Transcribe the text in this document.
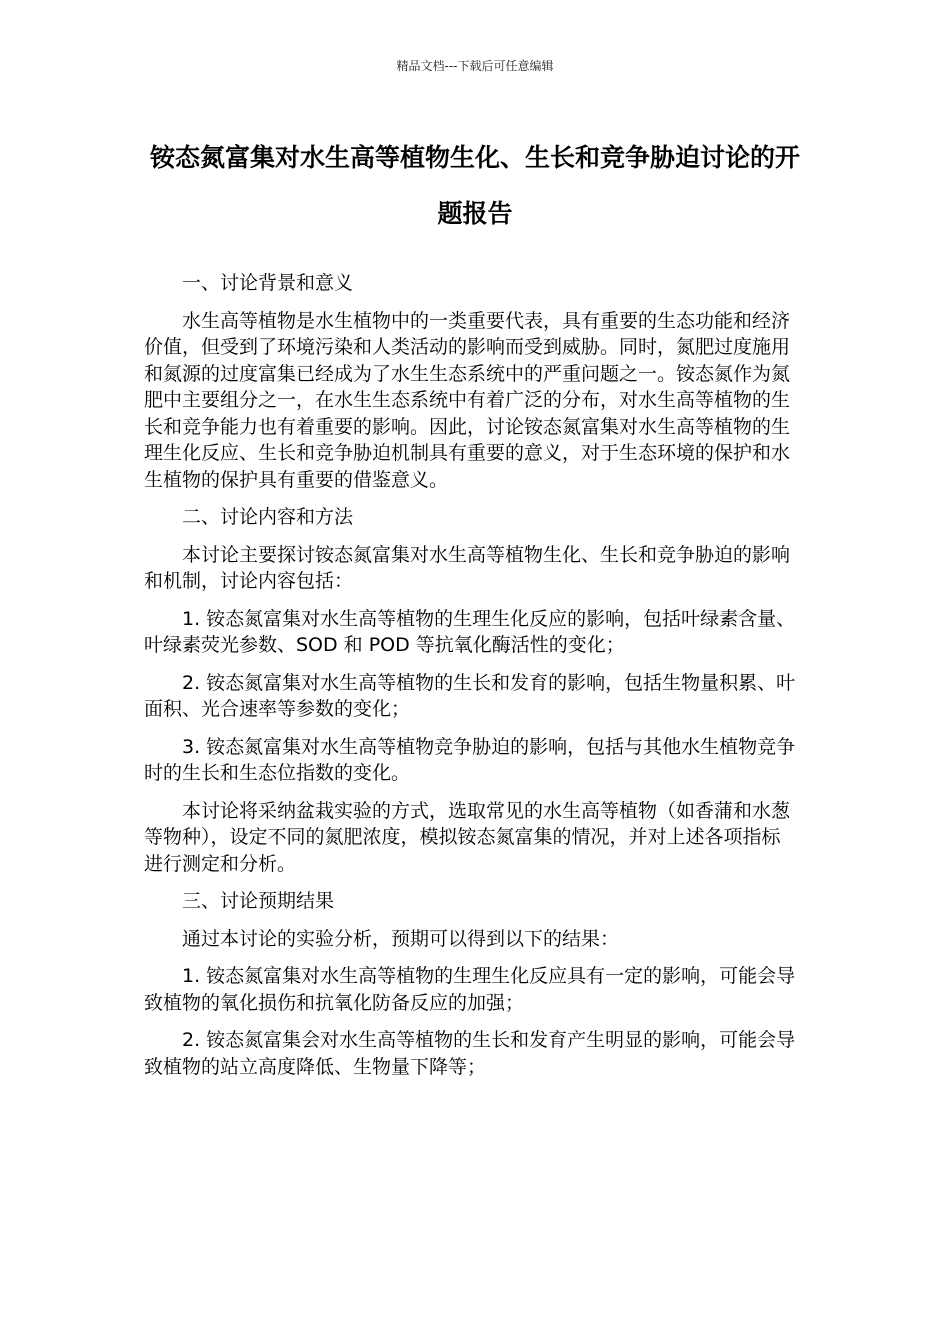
精品文档---下载后可任意编辑
铵态氮富集对水生高等植物生化、生长和竞争胁迫讨论的开题报告

一、讨论背景和意义

水生高等植物是水生植物中的一类重要代表，具有重要的生态功能和经济价值，但受到了环境污染和人类活动的影响而受到威胁。同时，氮肥过度施用和氮源的过度富集已经成为了水生生态系统中的严重问题之一。铵态氮作为氮肥中主要组分之一，在水生生态系统中有着广泛的分布，对水生高等植物的生长和竞争能力也有着重要的影响。因此，讨论铵态氮富集对水生高等植物的生理生化反应、生长和竞争胁迫机制具有重要的意义，对于生态环境的保护和水生植物的保护具有重要的借鉴意义。

二、讨论内容和方法

本讨论主要探讨铵态氮富集对水生高等植物生化、生长和竞争胁迫的影响和机制，讨论内容包括：

1. 铵态氮富集对水生高等植物的生理生化反应的影响，包括叶绿素含量、叶绿素荧光参数、SOD 和 POD 等抗氧化酶活性的变化；

2. 铵态氮富集对水生高等植物的生长和发育的影响，包括生物量积累、叶面积、光合速率等参数的变化；

3. 铵态氮富集对水生高等植物竞争胁迫的影响，包括与其他水生植物竞争时的生长和生态位指数的变化。

本讨论将采纳盆栽实验的方式，选取常见的水生高等植物（如香蒲和水葱等物种），设定不同的氮肥浓度，模拟铵态氮富集的情况，并对上述各项指标进行测定和分析。

三、讨论预期结果

通过本讨论的实验分析，预期可以得到以下的结果：

1. 铵态氮富集对水生高等植物的生理生化反应具有一定的影响，可能会导致植物的氧化损伤和抗氧化防备反应的加强；

2. 铵态氮富集会对水生高等植物的生长和发育产生明显的影响，可能会导致植物的站立高度降低、生物量下降等；
